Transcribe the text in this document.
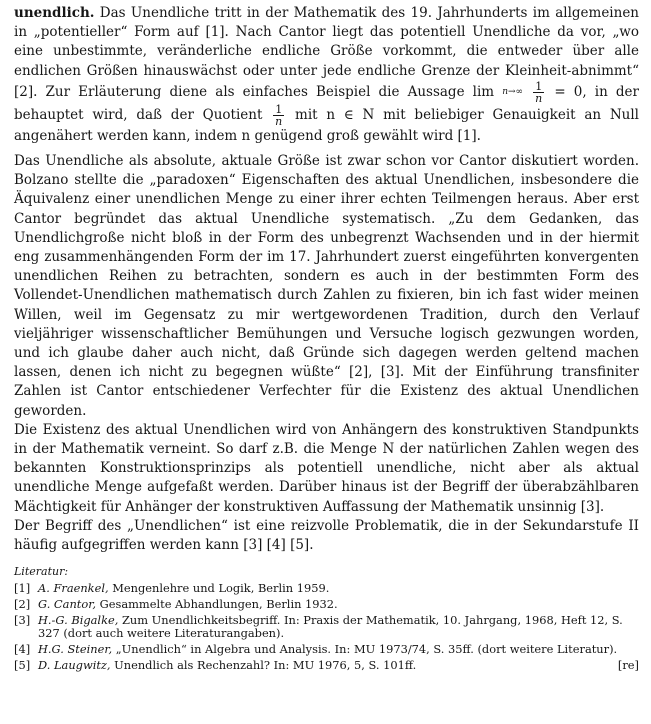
unendlich. Das Unendliche tritt in der Mathematik des 19. Jahrhunderts im allgemeinen in „potentieller“ Form auf [1]. Nach Cantor liegt das potentiell Unendliche da vor, „wo eine unbestimmte, veränderliche endliche Größe vorkommt, die entweder über alle endlichen Größen hinauswächst oder unter jede endliche Grenze der Kleinheit-abnimmt“ [2]. Zur Erläuterung diene als einfaches Beispiel die Aussage lim n→∞
$\frac{1}{n} = 0$, in der behauptet wird, daß der Quotient $\frac{1}{n}$ mit n ∈ N mit beliebiger Genauigkeit an Null angenähert werden kann, indem n genügend groß gewählt wird [1].

Das Unendliche als absolute, aktuale Größe ist zwar schon vor Cantor diskutiert worden. Bolzano stellte die „paradoxen“ Eigenschaften des aktual Unendlichen, insbesondere die Äquivalenz einer unendlichen Menge zu einer ihrer echten Teilmengen heraus. Aber erst Cantor begründet das aktual Unendliche systematisch. „Zu dem Gedanken, das Unendlichgroße nicht bloß in der Form des unbegrenzt Wachsenden und in der hiermit eng zusammenhängenden Form der im 17. Jahrhundert zuerst eingeführten konvergenten unendlichen Reihen zu betrachten, sondern es auch in der bestimmten Form des Vollendet-Unendlichen mathematisch durch Zahlen zu fixieren, bin ich fast wider meinen Willen, weil im Gegensatz zu mir wertgewordenen Tradition, durch den Verlauf vieljähriger wissenschaftlicher Bemühungen und Versuche logisch gezwungen worden, und ich glaube daher auch nicht, daß Gründe sich dagegen werden geltend machen lassen, denen ich nicht zu begegnen wüßte“ [2], [3]. Mit der Einführung transfiniter Zahlen ist Cantor entschiedener Verfechter für die Existenz des aktual Unendlichen geworden.

Die Existenz des aktual Unendlichen wird von Anhängern des konstruktiven Standpunkts in der Mathematik verneint. So darf z.B. die Menge N der natürlichen Zahlen wegen des bekannten Konstruktionsprinzips als potentiell unendliche, nicht aber als aktual unendliche Menge aufgefaßt werden. Darüber hinaus ist der Begriff der überabzählbaren Mächtigkeit für Anhänger der konstruktiven Auffassung der Mathematik unsinnig [3].

Der Begriff des „Unendlichen“ ist eine reizvolle Problematik, die in der Sekundarstufe II häufig aufgegriffen werden kann [3] [4] [5].

Literatur:
[1] A. Fraenkel, Mengenlehre und Logik, Berlin 1959.
[2] G. Cantor, Gesammelte Abhandlungen, Berlin 1932.
[3] H.-G. Bigalke, Zum Unendlichkeitsbegriff. In: Praxis der Mathematik, 10. Jahrgang, 1968, Heft 12, S. 327 (dort auch weitere Literaturangaben).
[4] H.G. Steiner, „Unendlich“ in Algebra und Analysis. In: MU 1973/74, S. 35ff. (dort weitere Literatur).
[5] D. Laugwitz, Unendlich als Rechenzahl? In: MU 1976, 5, S. 101ff.	[re]
